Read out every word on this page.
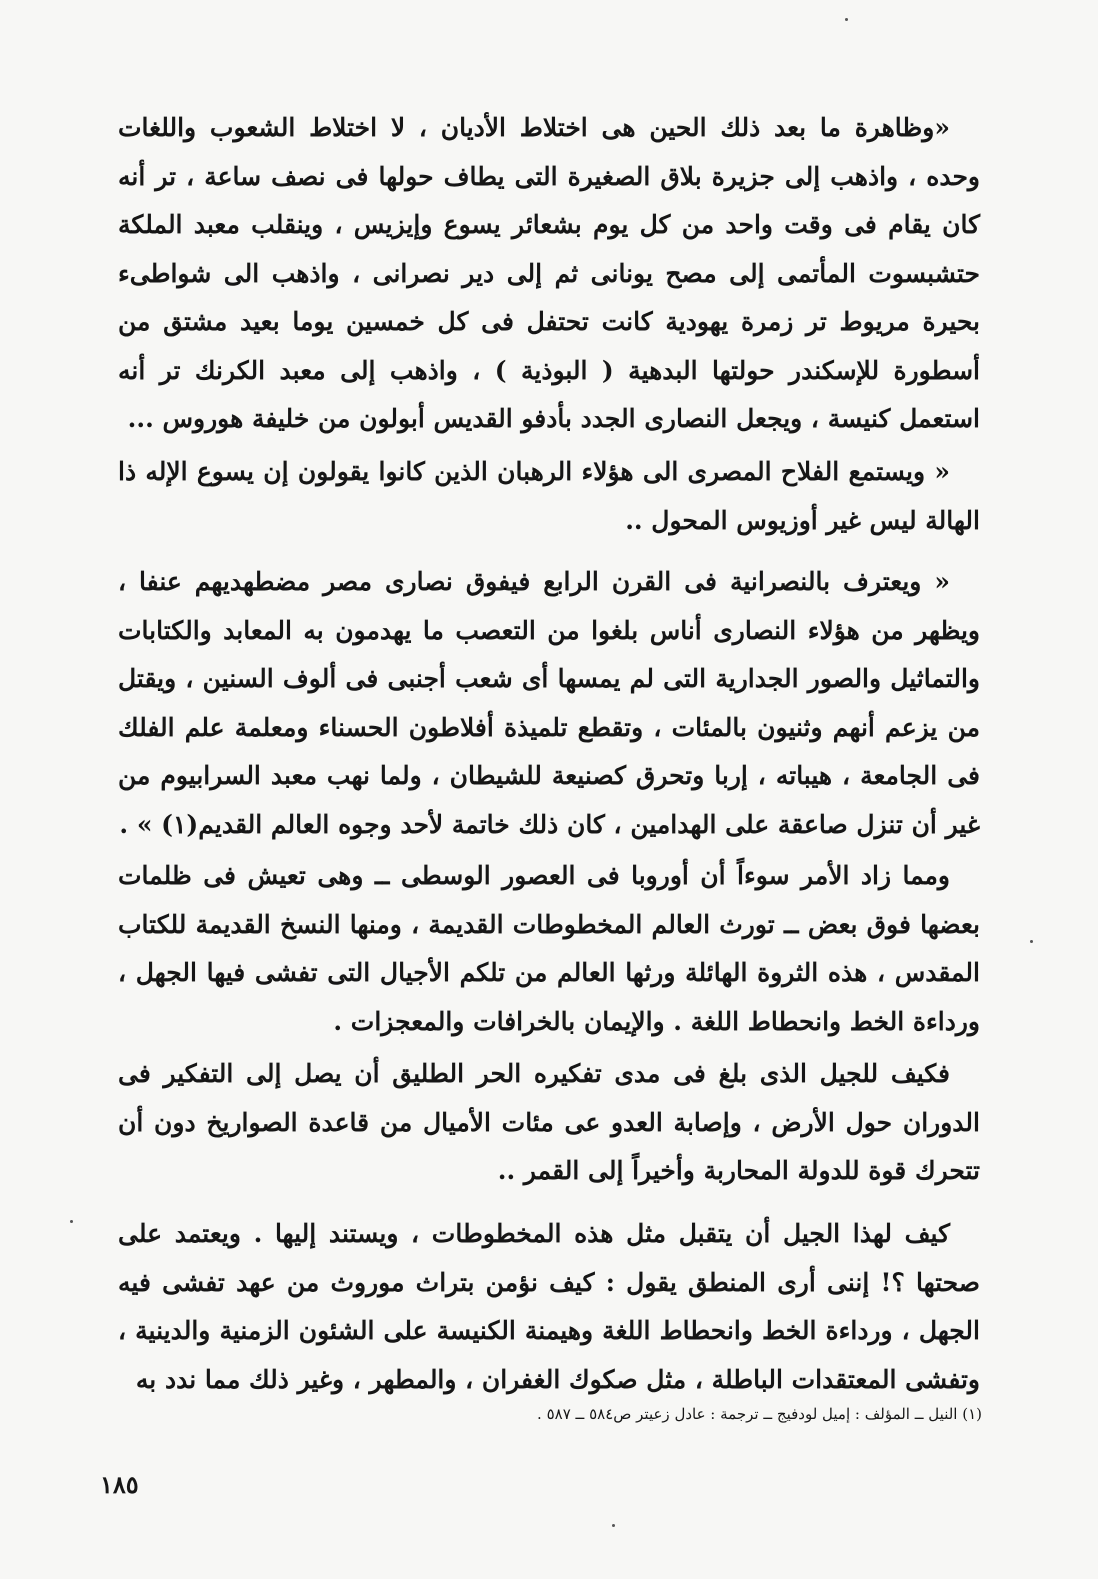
«وظاهرة ما بعد ذلك الحين هى اختلاط الأديان ، لا اختلاط الشعوب واللغات وحده ، واذهب إلى جزيرة بلاق الصغيرة التى يطاف حولها فى نصف ساعة ، تر أنه كان يقام فى وقت واحد من كل يوم بشعائر يسوع وإيزيس ، وينقلب معبد الملكة حتشبسوت المأتمى إلى مصح يونانى ثم إلى دير نصرانى ، واذهب الى شواطىء بحيرة مريوط تر زمرة يهودية كانت تحتفل فى كل خمسين يوما بعيد مشتق من أسطورة للإسكندر حولتها البدهية ( البوذية ) ، واذهب إلى معبد الكرنك تر أنه استعمل كنيسة ، ويجعل النصارى الجدد بأدفو القديس أبولون من خليفة هوروس ...

« ويستمع الفلاح المصرى الى هؤلاء الرهبان الذين كانوا يقولون إن يسوع الإله ذا الهالة ليس غير أوزيوس المحول ..

« ويعترف بالنصرانية فى القرن الرابع فيفوق نصارى مصر مضطهديهم عنفا ، ويظهر من هؤلاء النصارى أناس بلغوا من التعصب ما يهدمون به المعابد والكتابات والتماثيل والصور الجدارية التى لم يمسها أى شعب أجنبى فى ألوف السنين ، ويقتل من يزعم أنهم وثنيون بالمئات ، وتقطع تلميذة أفلاطون الحسناء ومعلمة علم الفلك فى الجامعة ، هيباته ، إربا وتحرق كصنيعة للشيطان ، ولما نهب معبد السرابيوم من غير أن تنزل صاعقة على الهدامين ، كان ذلك خاتمة لأحد وجوه العالم القديم(١) » .

ومما زاد الأمر سوءاً أن أوروبا فى العصور الوسطى ــ وهى تعيش فى ظلمات بعضها فوق بعض ــ تورث العالم المخطوطات القديمة ، ومنها النسخ القديمة للكتاب المقدس ، هذه الثروة الهائلة ورثها العالم من تلكم الأجيال التى تفشى فيها الجهل ، ورداءة الخط وانحطاط اللغة . والإيمان بالخرافات والمعجزات .

فكيف للجيل الذى بلغ فى مدى تفكيره الحر الطليق أن يصل إلى التفكير فى الدوران حول الأرض ، وإصابة العدو عى مئات الأميال من قاعدة الصواريخ دون أن تتحرك قوة للدولة المحاربة وأخيراً إلى القمر ..

كيف لهذا الجيل أن يتقبل مثل هذه المخطوطات ، ويستند إليها . ويعتمد على صحتها ؟! إننى أرى المنطق يقول : كيف نؤمن بتراث موروث من عهد تفشى فيه الجهل ، ورداءة الخط وانحطاط اللغة وهيمنة الكنيسة على الشئون الزمنية والدينية ، وتفشى المعتقدات الباطلة ، مثل صكوك الغفران ، والمطهر ، وغير ذلك مما ندد به

(١) النيل ــ المؤلف : إميل لودفيج ــ ترجمة : عادل زعيتر ص٥٨٤ ــ ٥٨٧ .
١٨٥
